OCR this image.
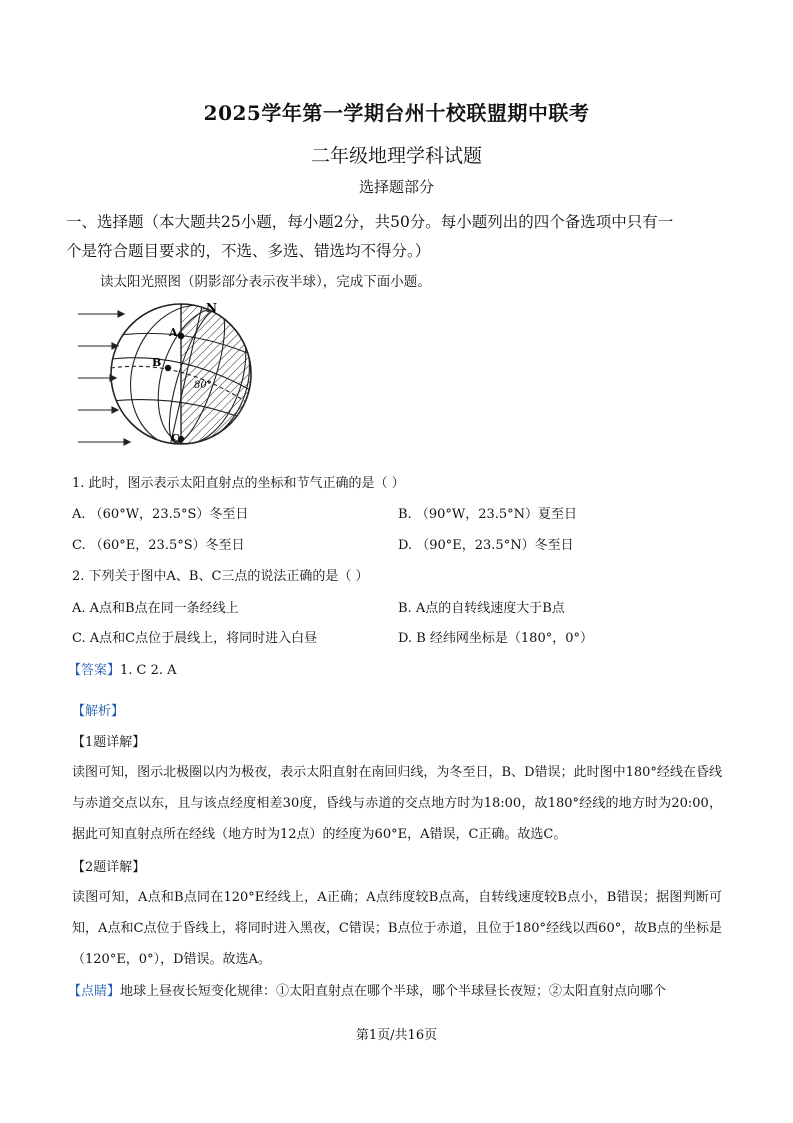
2025学年第一学期台州十校联盟期中联考
二年级地理学科试题
选择题部分
一、选择题（本大题共25小题，每小题2分，共50分。每小题列出的四个备选项中只有一
个是符合题目要求的，不选、多选、错选均不得分。）
读太阳光照图（阴影部分表示夜半球），完成下面小题。
N
A
B
C
80°
1. 此时，图示表示太阳直射点的坐标和节气正确的是（ ）
A. （60°W，23.5°S）冬至日	B. （90°W，23.5°N）夏至日
C. （60°E，23.5°S）冬至日	D. （90°E，23.5°N）冬至日
2. 下列关于图中A、B、C三点的说法正确的是（ ）
A. A点和B点在同一条经线上	B. A点的自转线速度大于B点
C. A点和C点位于晨线上，将同时进入白昼	D. B 经纬网坐标是（180°，0°）
【答案】1. C 2. A
【解析】
【1题详解】
读图可知，图示北极圈以内为极夜，表示太阳直射在南回归线，为冬至日，B、D错误；此时图中180°经线在昏线与赤道交点以东，且与该点经度相差30度，昏线与赤道的交点地方时为18:00，故180°经线的地方时为20:00，据此可知直射点所在经线（地方时为12点）的经度为60°E，A错误，C正确。故选C。
【2题详解】
读图可知，A点和B点同在120°E经线上，A正确；A点纬度较B点高，自转线速度较B点小，B错误；据图判断可知，A点和C点位于昏线上，将同时进入黑夜，C错误；B点位于赤道，且位于180°经线以西60°，故B点的坐标是（120°E，0°），D错误。故选A。
【点睛】地球上昼夜长短变化规律：①太阳直射点在哪个半球，哪个半球昼长夜短；②太阳直射点向哪个
第1页/共16页
